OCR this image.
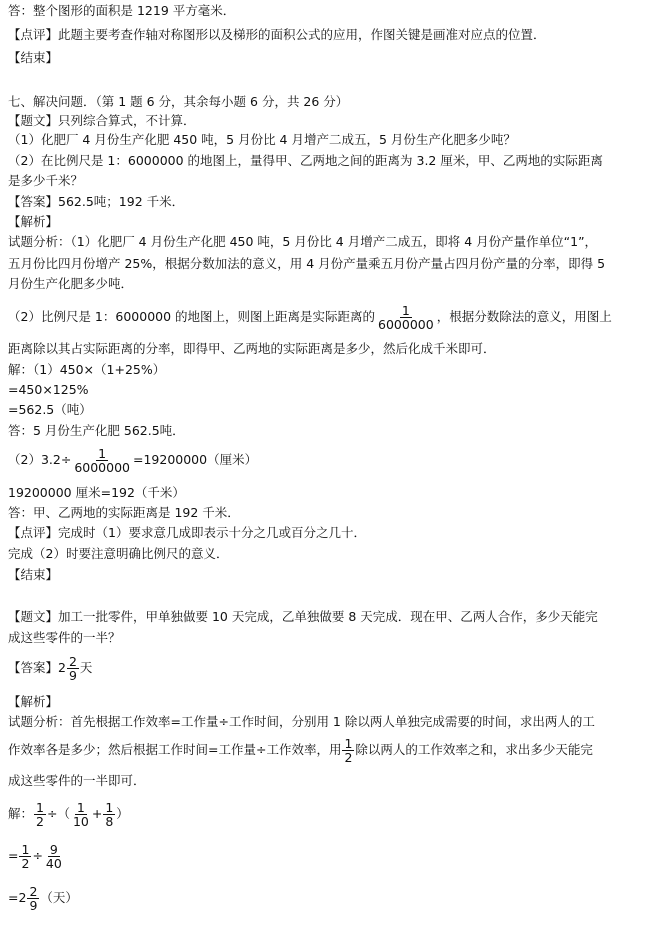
答：整个图形的面积是 1219 平方毫米．
【点评】此题主要考查作轴对称图形以及梯形的面积公式的应用，作图关键是画准对应点的位置．
【结束】
七、解决问题．（第 1 题 6 分，其余每小题 6 分，共 26 分）
【题文】只列综合算式，不计算．
（1）化肥厂 4 月份生产化肥 450 吨，5 月份比 4 月增产二成五，5 月份生产化肥多少吨？
（2）在比例尺是 1：6000000 的地图上，量得甲、乙两地之间的距离为 3.2 厘米，甲、乙两地的实际距离
是多少千米？
【答案】562.5吨；192 千米．
【解析】
试题分析：（1）化肥厂 4 月份生产化肥 450 吨，5 月份比 4 月增产二成五，即将 4 月份产量作单位“1”，
五月份比四月份增产 25%，根据分数加法的意义，用 4 月份产量乘五月份产量占四月份产量的分率，即得 5
月份生产化肥多少吨．
（2）比例尺是 1：6000000 的地图上，则图上距离是实际距离的 $\frac{1}{6000000}$ ，根据分数除法的意义，用图上
距离除以其占实际距离的分率，即得甲、乙两地的实际距离是多少，然后化成千米即可．
解：（1）450×（1+25%）
=450×125%
=562.5（吨）
答：5 月份生产化肥 562.5吨．
$(2)3.2\div \frac{1}{6000000} =19200000$（厘米）
19200000 厘米=192（千米）
答：甲、乙两地的实际距离是 192 千米．
【点评】完成时（1）要求意几成即表示十分之几或百分之几十．
完成（2）时要注意明确比例尺的意义．
【结束】
【题文】加工一批零件，甲单独做要 10 天完成，乙单独做要 8 天完成．现在甲、乙两人合作，多少天能完
成这些零件的一半？
【答案】$2 \frac{2}{9}$ 天
【解析】
试题分析：首先根据工作效率=工作量÷工作时间，分别用 1 除以两人单独完成需要的时间，求出两人的工
作效率各是多少；然后根据工作时间=工作量÷工作效率，用 $\frac{1}{2}$ 除以两人的工作效率之和，求出多少天能完
成这些零件的一半即可．
解： $\frac{1}{2}$ ÷（ $\frac{1}{10} + \frac{1}{8}$ ）
= $\frac{1}{2} \div \frac{9}{40}$
$=2 \frac{2}{9}$ （天）
